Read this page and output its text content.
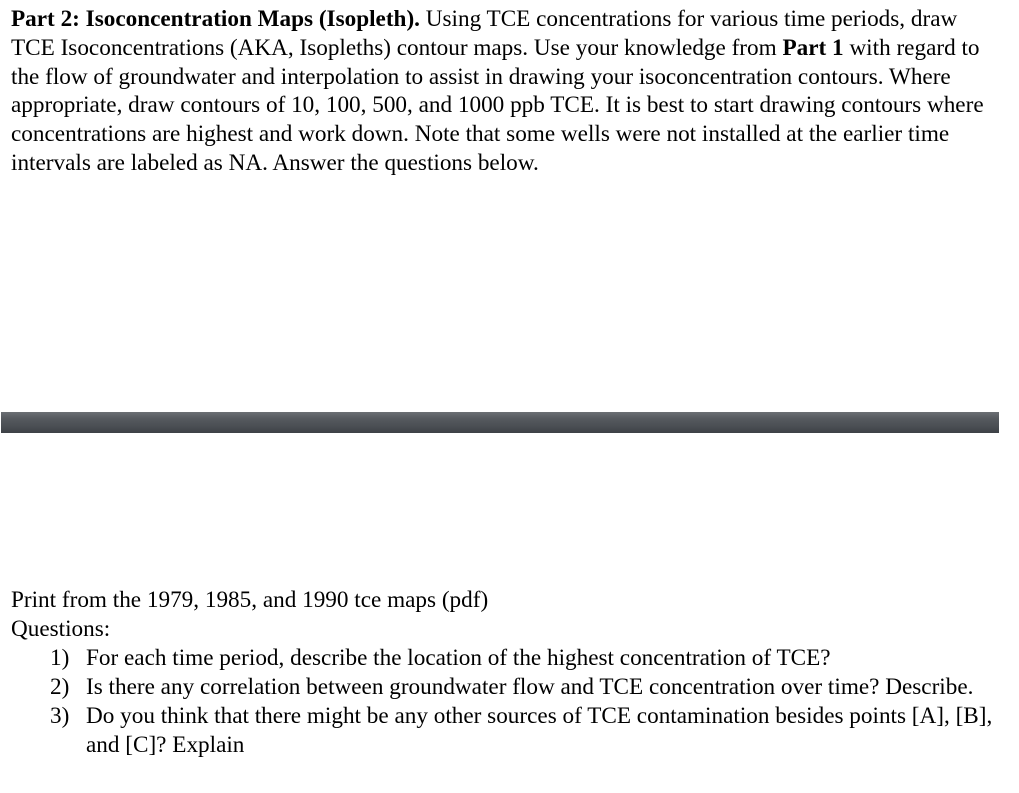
Part 2: Isoconcentration Maps (Isopleth). Using TCE concentrations for various time periods, draw TCE Isoconcentrations (AKA, Isopleths) contour maps. Use your knowledge from Part 1 with regard to the flow of groundwater and interpolation to assist in drawing your isoconcentration contours. Where appropriate, draw contours of 10, 100, 500, and 1000 ppb TCE. It is best to start drawing contours where concentrations are highest and work down. Note that some wells were not installed at the earlier time intervals are labeled as NA. Answer the questions below.

Print from the 1979, 1985, and 1990 tce maps (pdf)

Questions:

1) For each time period, describe the location of the highest concentration of TCE?
2) Is there any correlation between groundwater flow and TCE concentration over time? Describe.
3) Do you think that there might be any other sources of TCE contamination besides points [A], [B], and [C]? Explain
